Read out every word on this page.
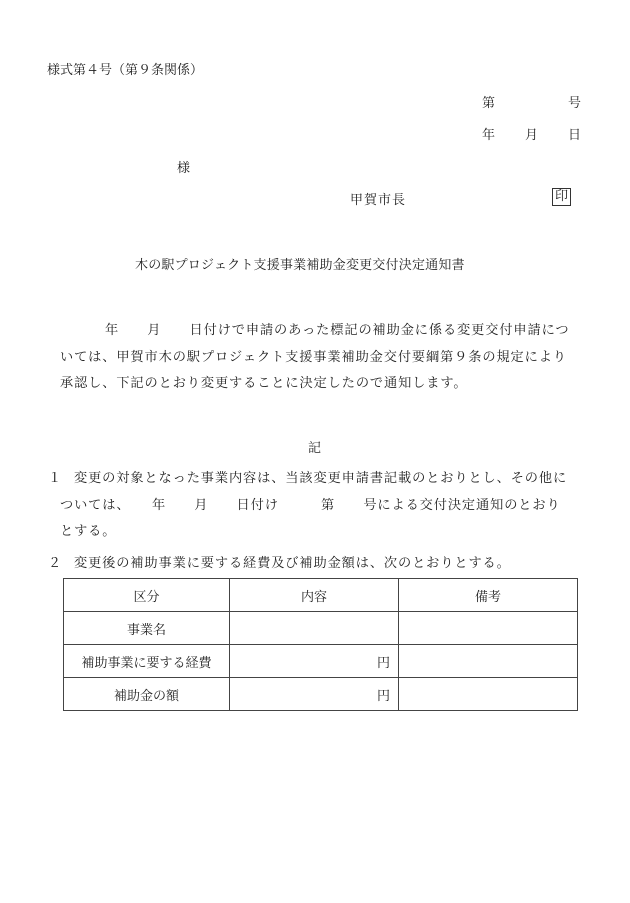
様式第４号（第９条関係）
第	号
年 月 日
様
甲賀市長	印
木の駅プロジェクト支援事業補助金変更交付決定通知書
年　　月　　日付けで申請のあった標記の補助金に係る変更交付申請につ
いては、甲賀市木の駅プロジェクト支援事業補助金交付要綱第９条の規定により
承認し、下記のとおり変更することに決定したので通知します。
記
１ 変更の対象となった事業内容は、当該変更申請書記載のとおりとし、その他に
ついては、　　年　　月　　日付け　　　第　　号による交付決定通知のとおり
とする。
２ 変更後の補助事業に要する経費及び補助金額は、次のとおりとする。
区分	内容	備考
事業名		
補助事業に要する経費	円	
補助金の額	円	
